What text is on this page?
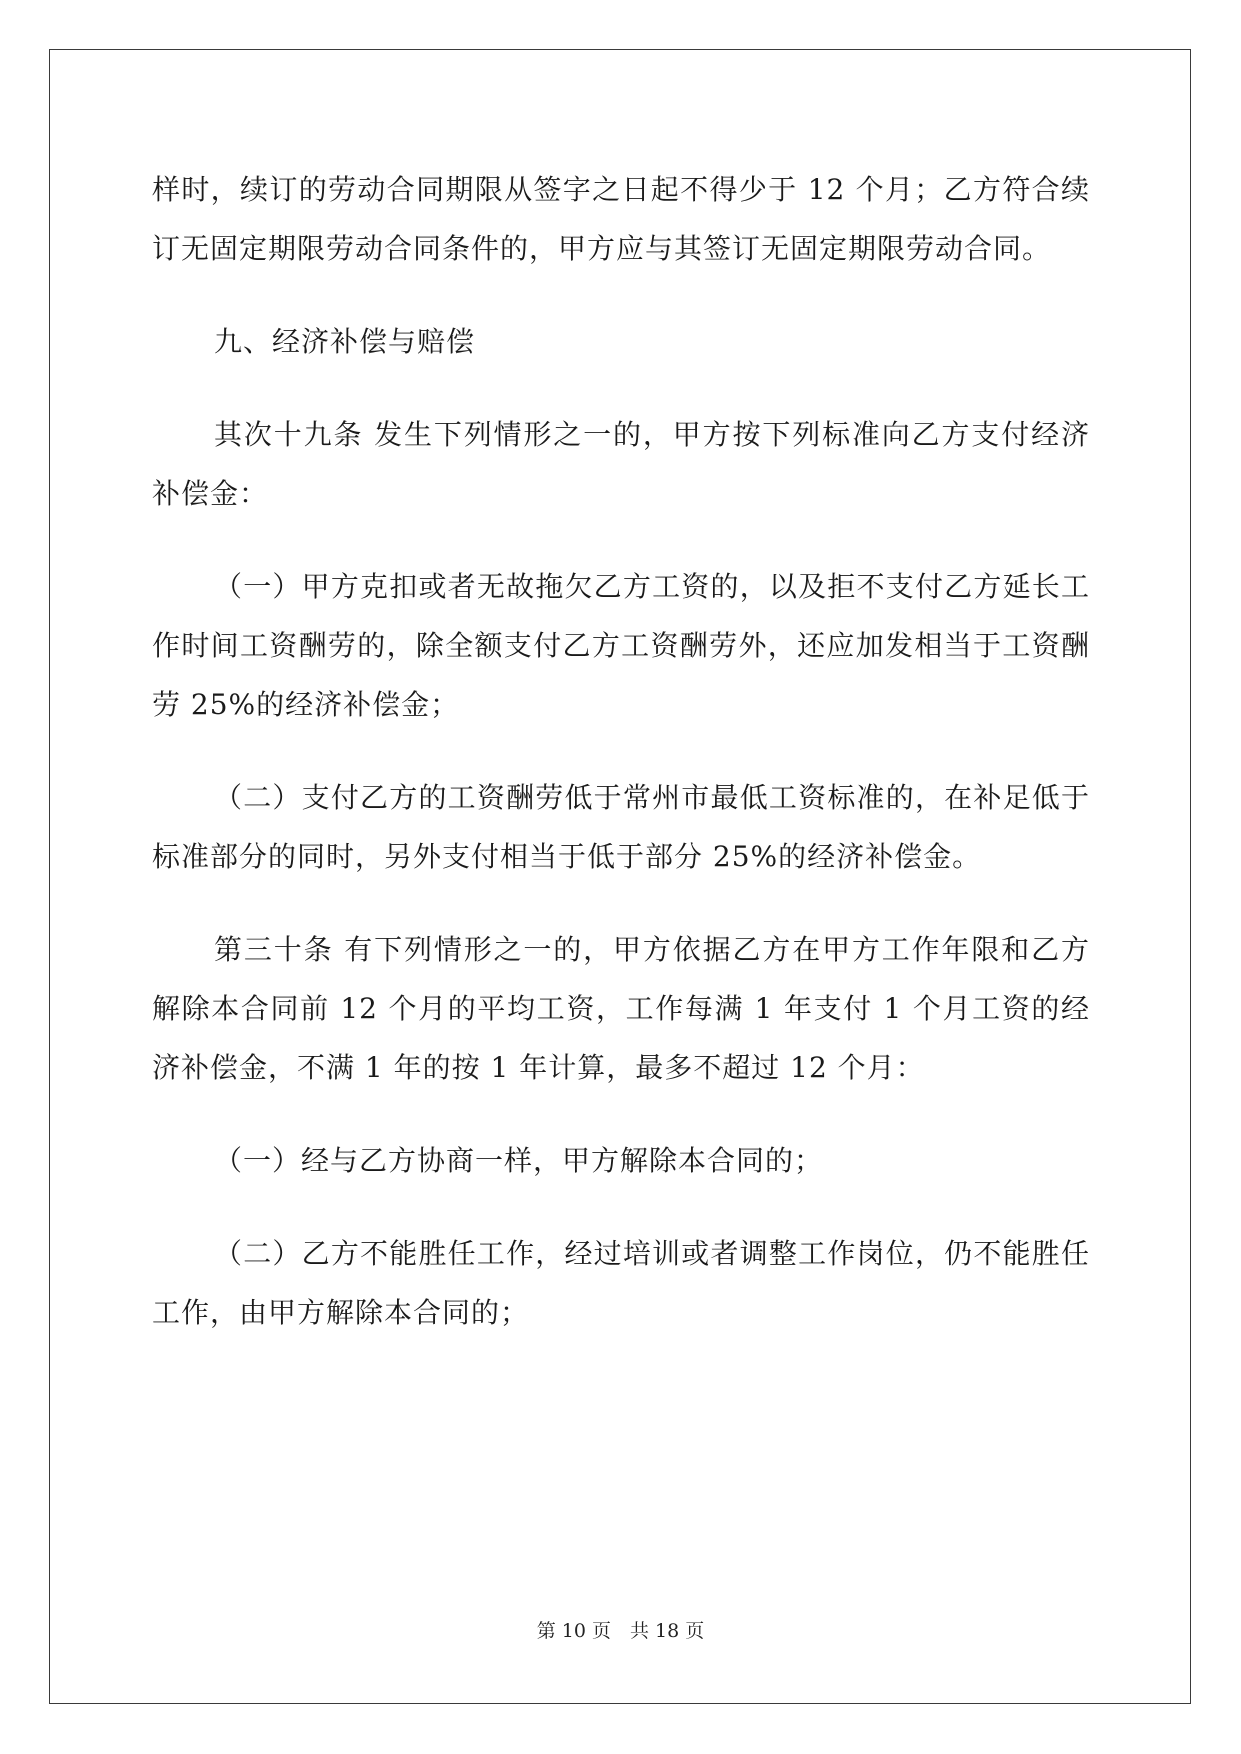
样时，续订的劳动合同期限从签字之日起不得少于 12 个月；乙方符合续订无固定期限劳动合同条件的，甲方应与其签订无固定期限劳动合同。

九、经济补偿与赔偿

其次十九条 发生下列情形之一的，甲方按下列标准向乙方支付经济补偿金：

（一）甲方克扣或者无故拖欠乙方工资的，以及拒不支付乙方延长工作时间工资酬劳的，除全额支付乙方工资酬劳外，还应加发相当于工资酬劳 25%的经济补偿金；

（二）支付乙方的工资酬劳低于常州市最低工资标准的，在补足低于标准部分的同时，另外支付相当于低于部分 25%的经济补偿金。

第三十条 有下列情形之一的，甲方依据乙方在甲方工作年限和乙方解除本合同前 12 个月的平均工资，工作每满 1 年支付 1 个月工资的经济补偿金，不满 1 年的按 1 年计算，最多不超过 12 个月：

（一）经与乙方协商一样，甲方解除本合同的；

（二）乙方不能胜任工作，经过培训或者调整工作岗位，仍不能胜任工作，由甲方解除本合同的；

第 10 页　共 18 页
